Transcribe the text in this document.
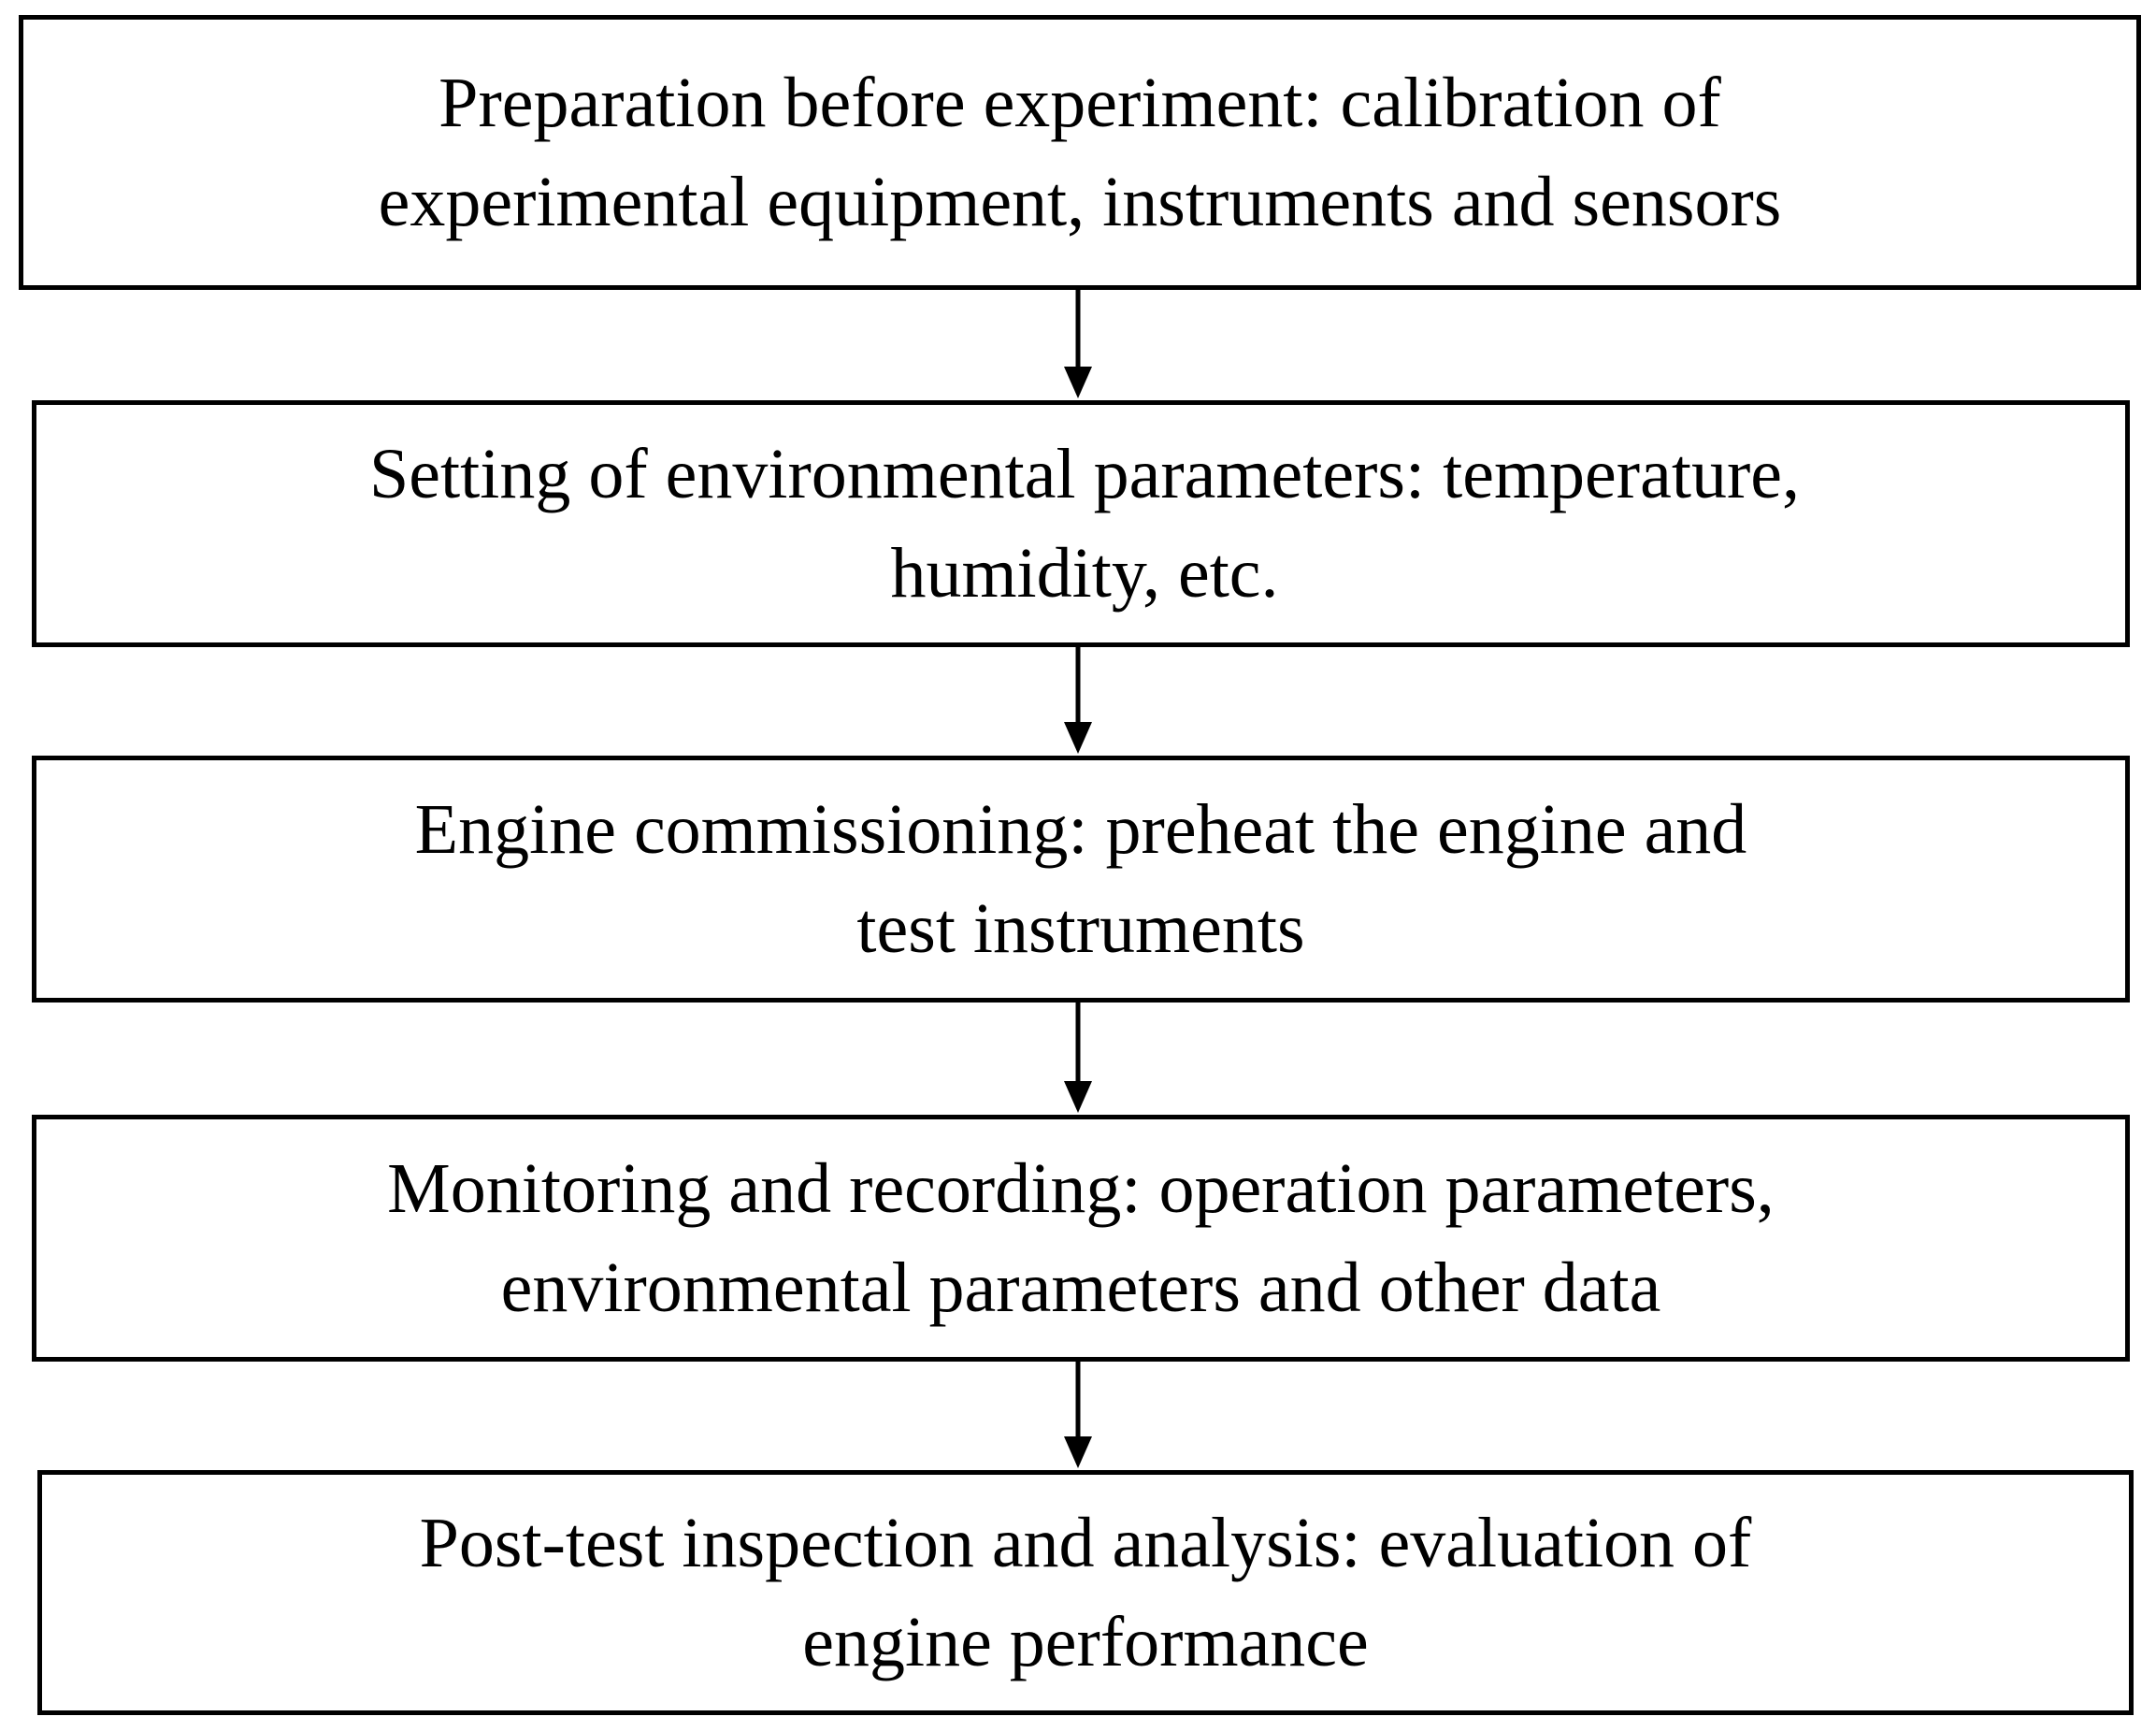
Preparation before experiment: calibration of
experimental equipment, instruments and sensors

Setting of environmental parameters: temperature,
humidity, etc.

Engine commissioning: preheat the engine and
test instruments

Monitoring and recording: operation parameters,
environmental parameters and other data

Post-test inspection and analysis: evaluation of
engine performance
